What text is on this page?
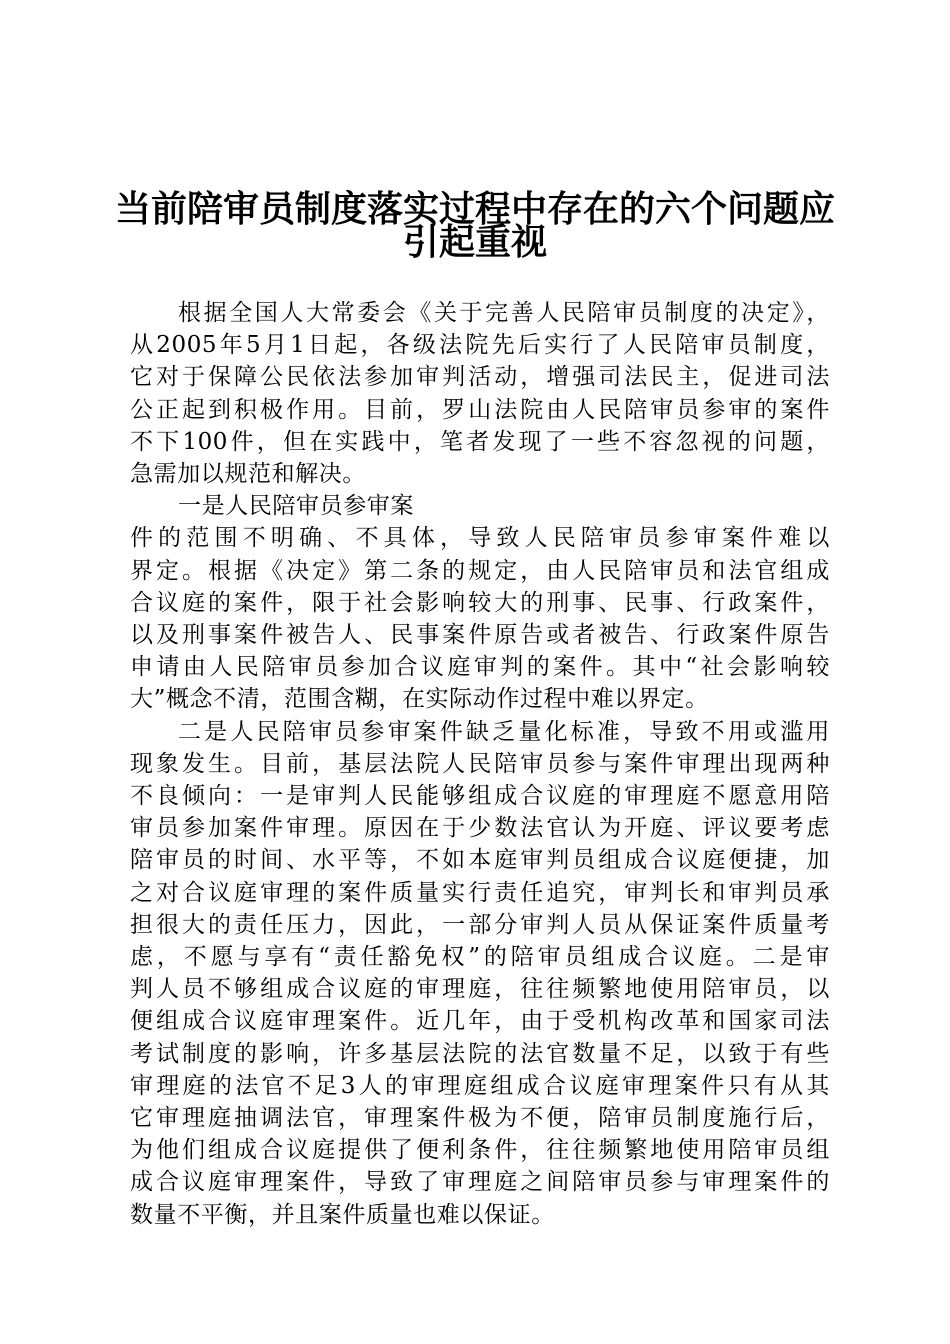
当前陪审员制度落实过程中存在的六个问题应
引起重视
根据全国人大常委会《关于完善人民陪审员制度的决定》，
从2005年5月1日起，各级法院先后实行了人民陪审员制度，
它对于保障公民依法参加审判活动，增强司法民主，促进司法
公正起到积极作用。目前，罗山法院由人民陪审员参审的案件
不下100件，但在实践中，笔者发现了一些不容忽视的问题，
急需加以规范和解决。
一是人民陪审员参审案
件的范围不明确、不具体，导致人民陪审员参审案件难以
界定。根据《决定》第二条的规定，由人民陪审员和法官组成
合议庭的案件，限于社会影响较大的刑事、民事、行政案件，
以及刑事案件被告人、民事案件原告或者被告、行政案件原告
申请由人民陪审员参加合议庭审判的案件。其中“社会影响较
大”概念不清，范围含糊，在实际动作过程中难以界定。
二是人民陪审员参审案件缺乏量化标准，导致不用或滥用
现象发生。目前，基层法院人民陪审员参与案件审理出现两种
不良倾向：一是审判人民能够组成合议庭的审理庭不愿意用陪
审员参加案件审理。原因在于少数法官认为开庭、评议要考虑
陪审员的时间、水平等，不如本庭审判员组成合议庭便捷，加
之对合议庭审理的案件质量实行责任追究，审判长和审判员承
担很大的责任压力，因此，一部分审判人员从保证案件质量考
虑，不愿与享有“责任豁免权”的陪审员组成合议庭。二是审
判人员不够组成合议庭的审理庭，往往频繁地使用陪审员，以
便组成合议庭审理案件。近几年，由于受机构改革和国家司法
考试制度的影响，许多基层法院的法官数量不足，以致于有些
审理庭的法官不足3人的审理庭组成合议庭审理案件只有从其
它审理庭抽调法官，审理案件极为不便，陪审员制度施行后，
为他们组成合议庭提供了便利条件，往往频繁地使用陪审员组
成合议庭审理案件，导致了审理庭之间陪审员参与审理案件的
数量不平衡，并且案件质量也难以保证。
